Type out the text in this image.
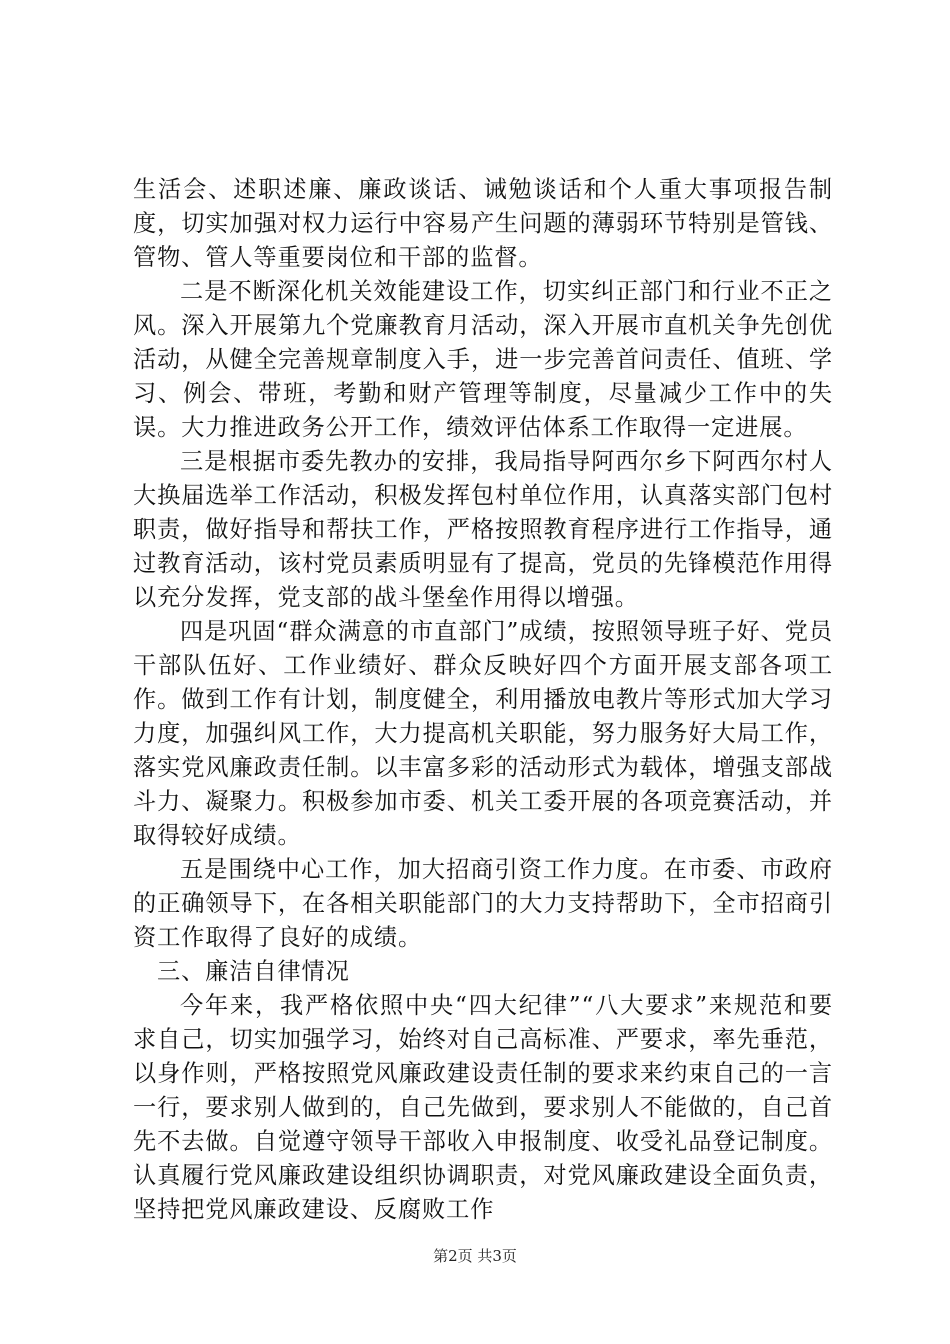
生活会、述职述廉、廉政谈话、诫勉谈话和个人重大事项报告制度，切实加强对权力运行中容易产生问题的薄弱环节特别是管钱、管物、管人等重要岗位和干部的监督。

二是不断深化机关效能建设工作，切实纠正部门和行业不正之风。深入开展第九个党廉教育月活动，深入开展市直机关争先创优活动，从健全完善规章制度入手，进一步完善首问责任、值班、学习、例会、带班，考勤和财产管理等制度，尽量减少工作中的失误。大力推进政务公开工作，绩效评估体系工作取得一定进展。

三是根据市委先教办的安排，我局指导阿西尔乡下阿西尔村人大换届选举工作活动，积极发挥包村单位作用，认真落实部门包村职责，做好指导和帮扶工作，严格按照教育程序进行工作指导，通过教育活动，该村党员素质明显有了提高，党员的先锋模范作用得以充分发挥，党支部的战斗堡垒作用得以增强。

四是巩固“群众满意的市直部门”成绩，按照领导班子好、党员干部队伍好、工作业绩好、群众反映好四个方面开展支部各项工作。做到工作有计划，制度健全，利用播放电教片等形式加大学习力度，加强纠风工作，大力提高机关职能，努力服务好大局工作，落实党风廉政责任制。以丰富多彩的活动形式为载体，增强支部战斗力、凝聚力。积极参加市委、机关工委开展的各项竞赛活动，并取得较好成绩。

五是围绕中心工作，加大招商引资工作力度。在市委、市政府的正确领导下，在各相关职能部门的大力支持帮助下，全市招商引资工作取得了良好的成绩。

三、廉洁自律情况

今年来，我严格依照中央“四大纪律”“八大要求”来规范和要求自己，切实加强学习，始终对自己高标准、严要求，率先垂范，以身作则，严格按照党风廉政建设责任制的要求来约束自己的一言一行，要求别人做到的，自己先做到，要求别人不能做的，自己首先不去做。自觉遵守领导干部收入申报制度、收受礼品登记制度。认真履行党风廉政建设组织协调职责，对党风廉政建设全面负责，坚持把党风廉政建设、反腐败工作

第2页 共3页
